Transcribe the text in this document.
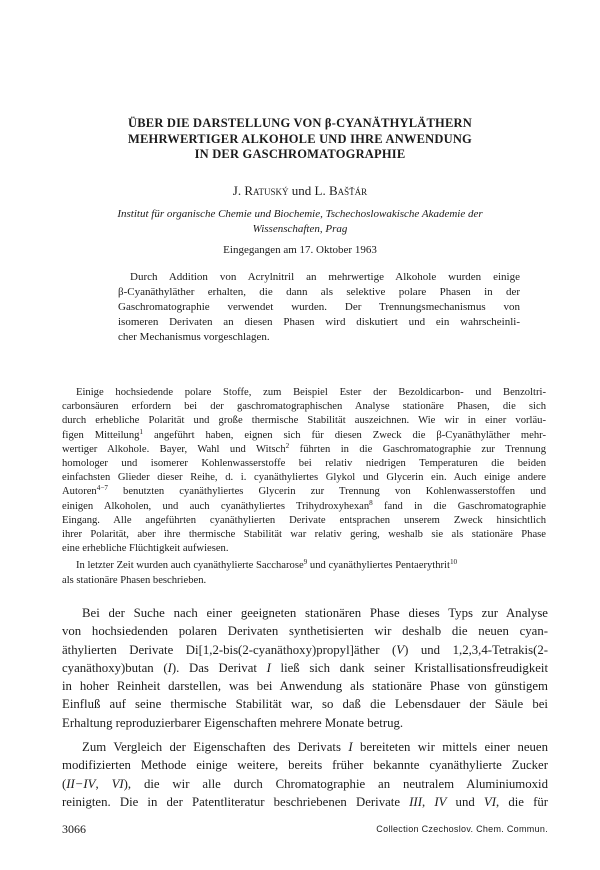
ÜBER DIE DARSTELLUNG VON β-CYANÄTHYLÄTHERN
MEHRWERTIGER ALKOHOLE UND IHRE ANWENDUNG
IN DER GASCHROMATOGRAPHIE
J. Ratuský und L. Bašťár
Institut für organische Chemie und Biochemie, Tschechoslowakische Akademie der
Wissenschaften, Prag
Eingegangen am 17. Oktober 1963
Durch Addition von Acrylnitril an mehrwertige Alkohole wurden einige
β-Cyanäthyläther erhalten, die dann als selektive polare Phasen in der
Gaschromatographie verwendet wurden. Der Trennungsmechanismus von
isomeren Derivaten an diesen Phasen wird diskutiert und ein wahrscheinli-
cher Mechanismus vorgeschlagen.
Einige hochsiedende polare Stoffe, zum Beispiel Ester der Bezoldicarbon- und Benzoltri-
carbonsäuren erfordern bei der gaschromatographischen Analyse stationäre Phasen, die sich
durch erhebliche Polarität und große thermische Stabilität auszeichnen. Wie wir in einer vorläu-
figen Mitteilung$^1$ angeführt haben, eignen sich für diesen Zweck die β-Cyanäthyläther mehr-
wertiger Alkohole. Bayer, Wahl und Witsch$^2$ führten in die Gaschromatographie zur Trennung
homologer und isomerer Kohlenwasserstoffe bei relativ niedrigen Temperaturen die beiden
einfachsten Glieder dieser Reihe, d. i. cyanäthyliertes Glykol und Glycerin ein. Auch einige andere
Autoren$^{4-7}$ benutzten cyanäthyliertes Glycerin zur Trennung von Kohlenwasserstoffen und
einigen Alkoholen, und auch cyanäthyliertes Trihydroxyhexan$^8$ fand in die Gaschromatographie
Eingang. Alle angeführten cyanäthylierten Derivate entsprachen unserem Zweck hinsichtlich
ihrer Polarität, aber ihre thermische Stabilität war relativ gering, weshalb sie als stationäre Phase
eine erhebliche Flüchtigkeit aufwiesen.
In letzter Zeit wurden auch cyanäthylierte Saccharose$^9$ und cyanäthyliertes Pentaerythrit$^{10}$
als stationäre Phasen beschrieben.
Bei der Suche nach einer geeigneten stationären Phase dieses Typs zur Analyse
von hochsiedenden polaren Derivaten synthetisierten wir deshalb die neuen cyan-
äthylierten Derivate Di[1,2-bis(2-cyanäthoxy)propyl]äther (V) und 1,2,3,4-Tetrakis(2-
cyanäthoxy)butan (I). Das Derivat I ließ sich dank seiner Kristallisationsfreudigkeit
in hoher Reinheit darstellen, was bei Anwendung als stationäre Phase von günstigem
Einfluß auf seine thermische Stabilität war, so daß die Lebensdauer der Säule bei
Erhaltung reproduzierbarer Eigenschaften mehrere Monate betrug.
Zum Vergleich der Eigenschaften des Derivats I bereiteten wir mittels einer neuen
modifizierten Methode einige weitere, bereits früher bekannte cyanäthylierte Zucker
(II−IV, VI), die wir alle durch Chromatographie an neutralem Aluminiumoxid
reinigten. Die in der Patentliteratur beschriebenen Derivate III, IV und VI, die für
3066	Collection Czechoslov. Chem. Commun.
